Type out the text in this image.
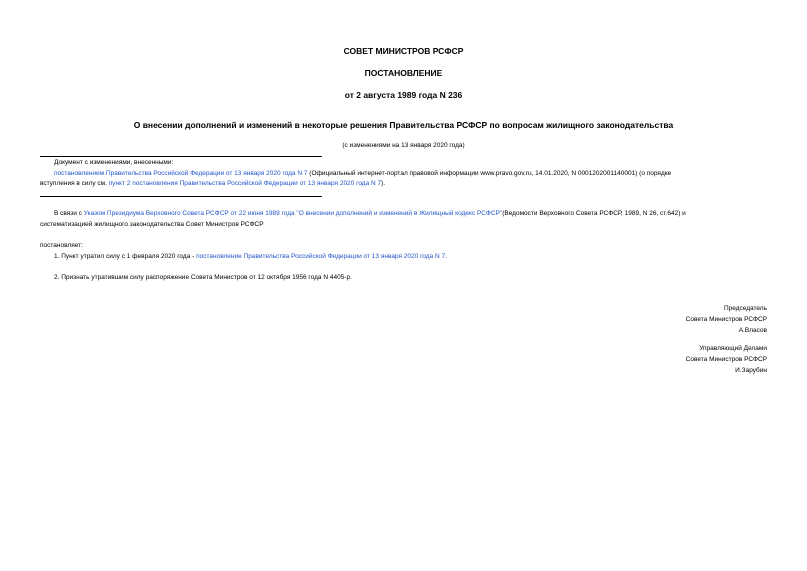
СОВЕТ МИНИСТРОВ РСФСР
ПОСТАНОВЛЕНИЕ
от 2 августа 1989 года N 236
О внесении дополнений и изменений в некоторые решения Правительства РСФСР по вопросам жилищного законодательства
(с изменениями на 13 января 2020 года)
Документ с изменениями, внесенными:
постановлением Правительства Российской Федерации от 13 января 2020 года N 7 (Официальный интернет-портал правовой информации www.pravo.gov.ru, 14.01.2020, N 0001202001140001) (о порядке
вступления в силу см. пункт 2 постановления Правительства Российской Федерации от 13 января 2020 года N 7).
В связи с Указом Президиума Верховного Совета РСФСР от 22 июня 1989 года "О внесении дополнений и изменений в Жилищный кодекс РСФСР"(Ведомости Верховного Совета РСФСР, 1989, N 26, ст.642) и
систематизацией жилищного законодательства Совет Министров РСФСР
постановляет:
1. Пункт утратил силу с 1 февраля 2020 года - постановление Правительства Российской Федерации от 13 января 2020 года N 7.
2. Признать утратившим силу распоряжение Совета Министров от 12 октября 1956 года N 4405-р.
Председатель
Совета Министров РСФСР
А.Власов
Управляющий Делами
Совета Министров РСФСР
И.Зарубин
